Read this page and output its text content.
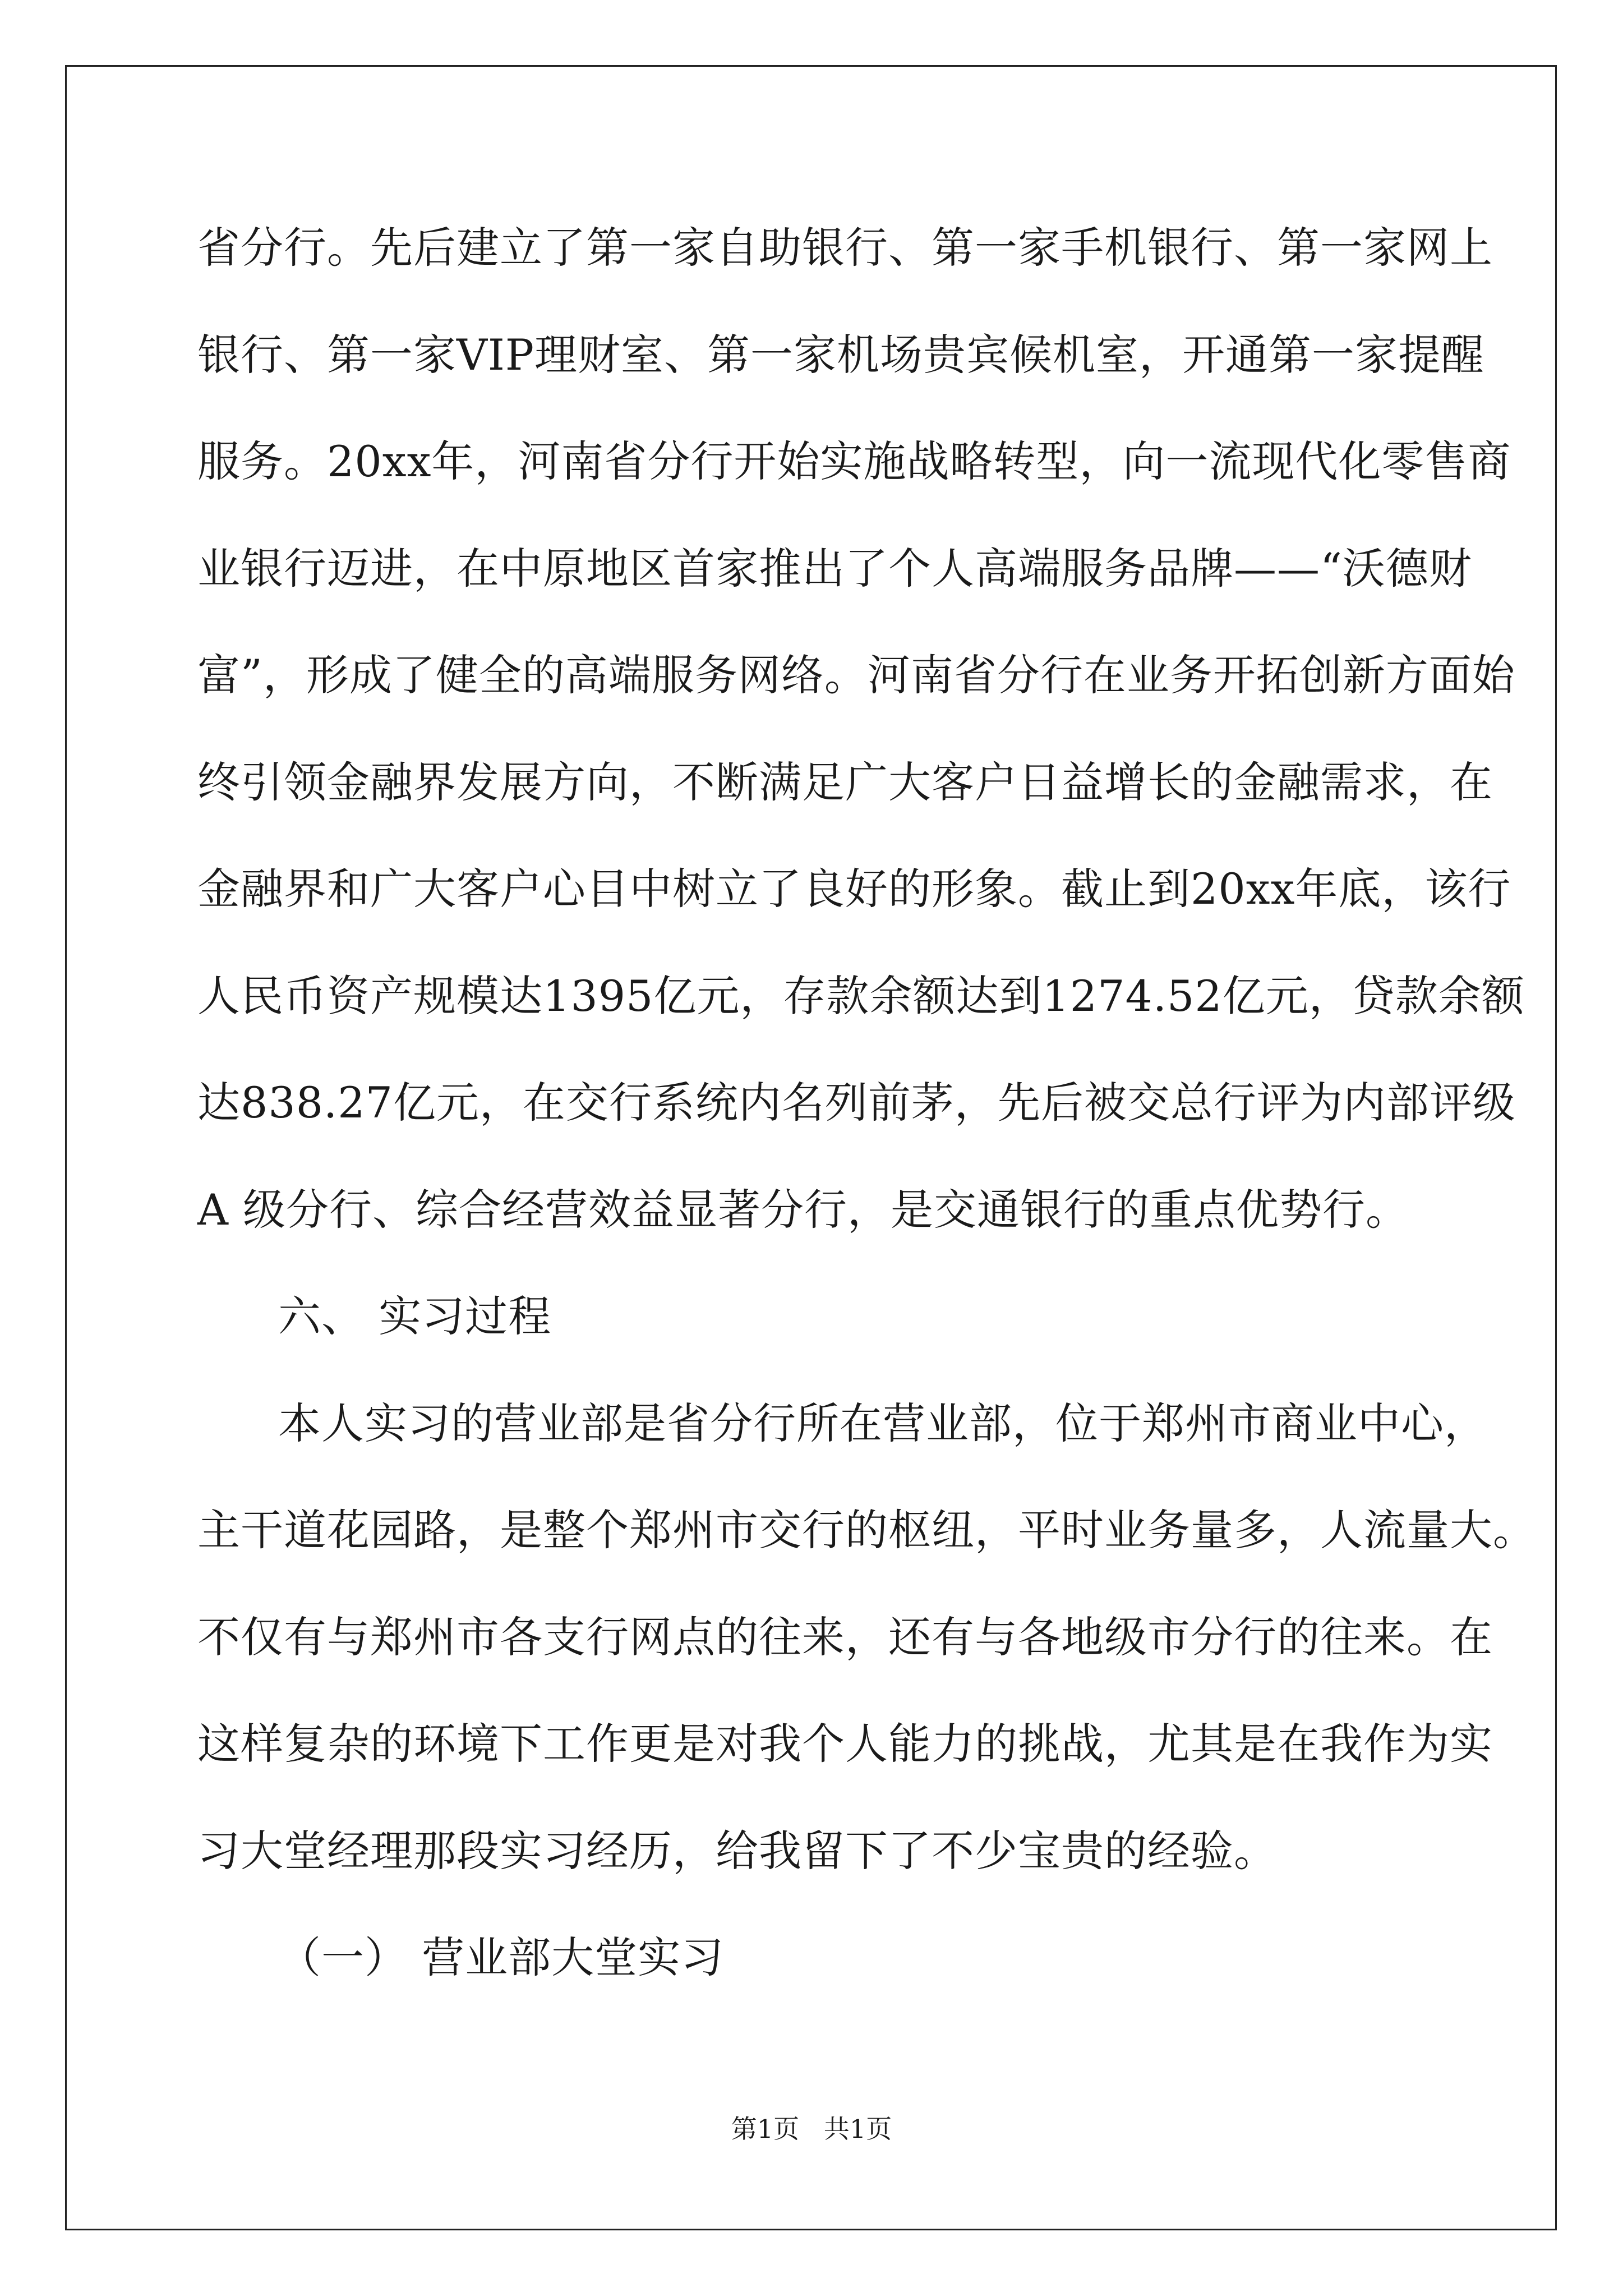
省分行。先后建立了第一家自助银行、第一家手机银行、第一家网上
银行、第一家VIP理财室、第一家机场贵宾候机室，开通第一家提醒
服务。20xx年，河南省分行开始实施战略转型，向一流现代化零售商
业银行迈进，在中原地区首家推出了个人高端服务品牌——“沃德财
富”，形成了健全的高端服务网络。河南省分行在业务开拓创新方面始
终引领金融界发展方向，不断满足广大客户日益增长的金融需求，在
金融界和广大客户心目中树立了良好的形象。截止到20xx年底，该行
人民币资产规模达1395亿元，存款余额达到1274.52亿元，贷款余额
达838.27亿元，在交行系统内名列前茅，先后被交总行评为内部评级
A 级分行、综合经营效益显著分行，是交通银行的重点优势行。
六、 实习过程
本人实习的营业部是省分行所在营业部，位于郑州市商业中心，
主干道花园路，是整个郑州市交行的枢纽，平时业务量多，人流量大。
不仅有与郑州市各支行网点的往来，还有与各地级市分行的往来。在
这样复杂的环境下工作更是对我个人能力的挑战，尤其是在我作为实
习大堂经理那段实习经历，给我留下了不少宝贵的经验。
（一） 营业部大堂实习
第1页   共1页
